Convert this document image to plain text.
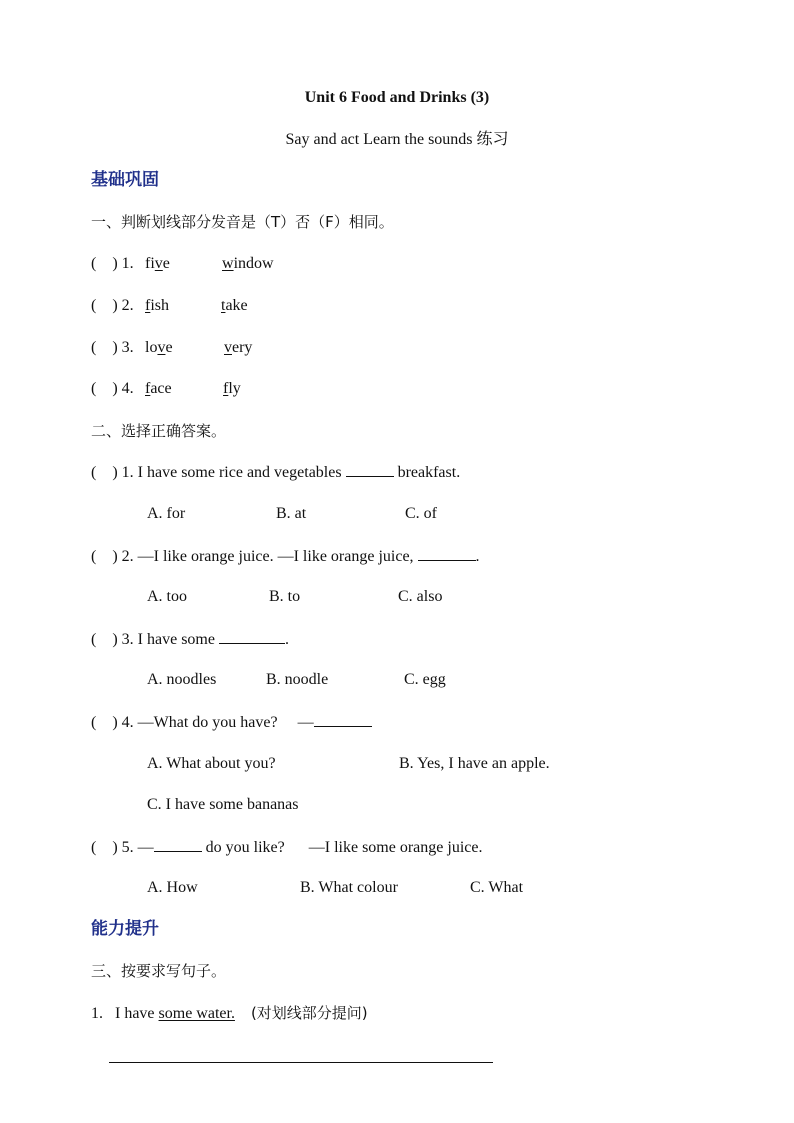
Unit 6 Food and Drinks (3)
Say and act Learn the sounds 练习
基础巩固
一、判断划线部分发音是（T）否（F）相同。
(    ) 1. five	window
(    ) 2. fish	take
(    ) 3. love	very
(    ) 4. face	fly
二、选择正确答案。
(    ) 1. I have some rice and vegetables	breakfast.
A. for	B. at	C. of
(    ) 2. —I like orange juice. —I like orange juice,	.
A. too	B. to	C. also
(    ) 3. I have some	.
A. noodles	B. noodle	C. egg
(    ) 4. —What do you have?     —
A. What about you?	B. Yes, I have an apple.
C. I have some bananas
(    ) 5. —	do you like?      —I like some orange juice.
A. How	B. What colour	C. What
能力提升
三、按要求写句子。
1. I have some water. (对划线部分提问)
